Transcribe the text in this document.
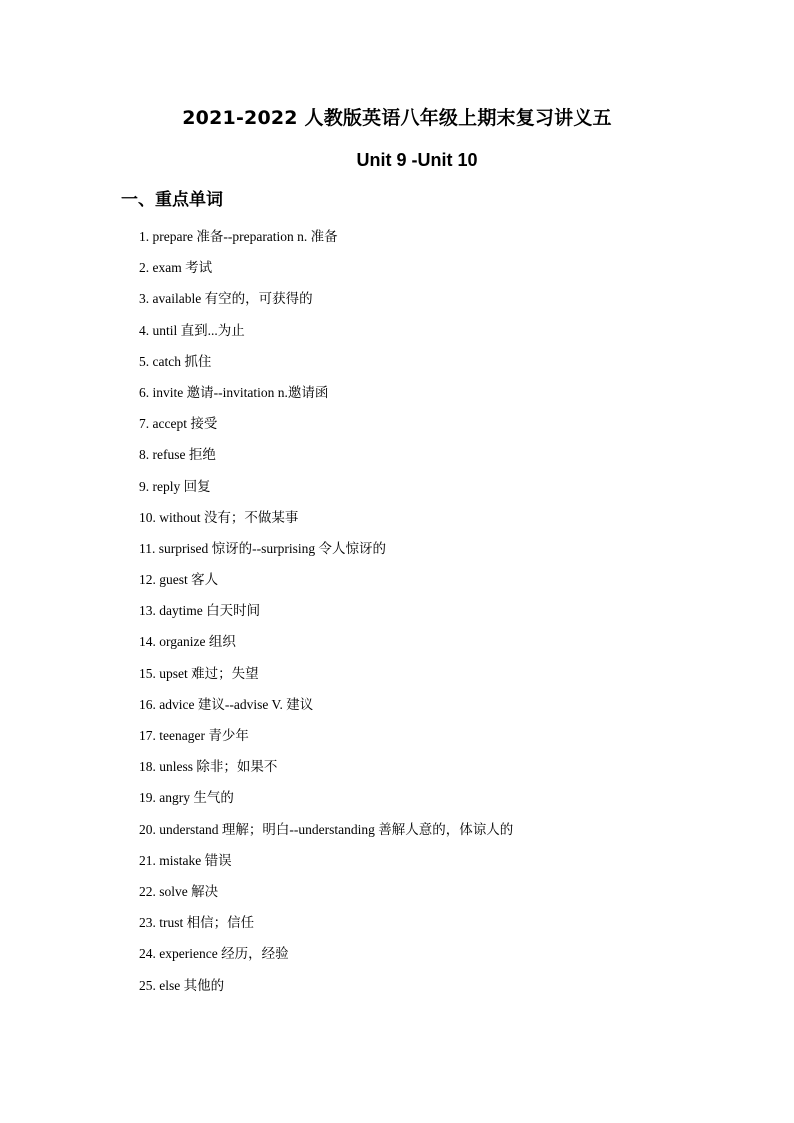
2021-2022 人教版英语八年级上期末复习讲义五
Unit 9 -Unit 10
一、重点单词
1. prepare 准备--preparation n. 准备
2. exam 考试
3. available 有空的，可获得的
4. until 直到...为止
5. catch 抓住
6. invite 邀请--invitation n.邀请函
7. accept 接受
8. refuse 拒绝
9. reply 回复
10. without 没有；不做某事
11. surprised 惊讶的--surprising 令人惊讶的
12. guest 客人
13. daytime 白天时间
14. organize 组织
15. upset 难过；失望
16. advice 建议--advise V. 建议
17. teenager 青少年
18. unless 除非；如果不
19. angry 生气的
20. understand 理解；明白--understanding 善解人意的，体谅人的
21. mistake 错误
22. solve 解决
23. trust 相信；信任
24. experience 经历，经验
25. else 其他的
